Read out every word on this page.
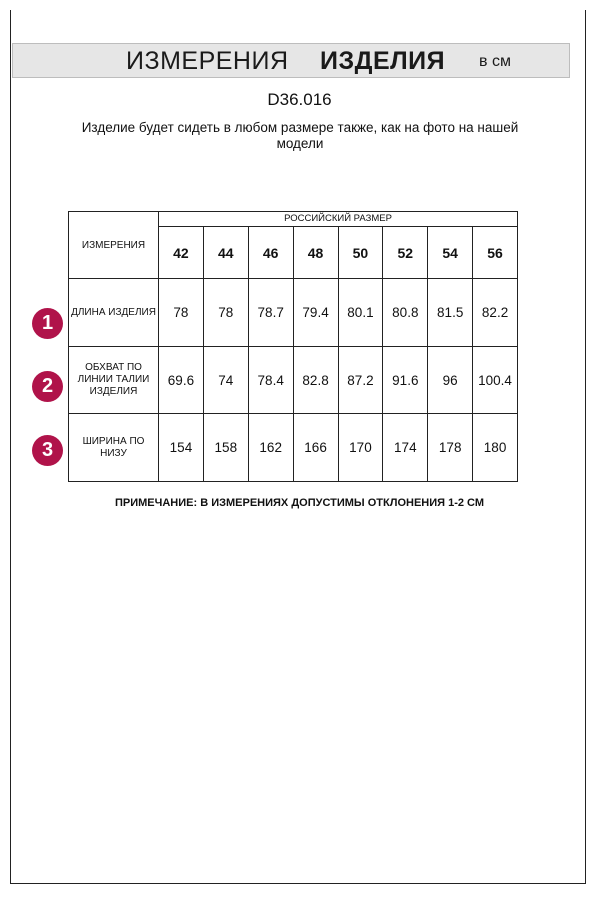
ИЗМЕРЕНИЯ ИЗДЕЛИЯ в см
D36.016
Изделие будет сидеть в любом размере также, как на фото на нашей модели
ИЗМЕРЕНИЯ	РОССИЙСКИЙ РАЗМЕР							
	42	44	46	48	50	52	54	56
ДЛИНА ИЗДЕЛИЯ	78	78	78.7	79.4	80.1	80.8	81.5	82.2
ОБХВАТ ПО ЛИНИИ ТАЛИИ ИЗДЕЛИЯ	69.6	74	78.4	82.8	87.2	91.6	96	100.4
ШИРИНА ПО НИЗУ	154	158	162	166	170	174	178	180
1
2
3
ПРИМЕЧАНИЕ: В ИЗМЕРЕНИЯХ ДОПУСТИМЫ ОТКЛОНЕНИЯ 1-2 СМ
